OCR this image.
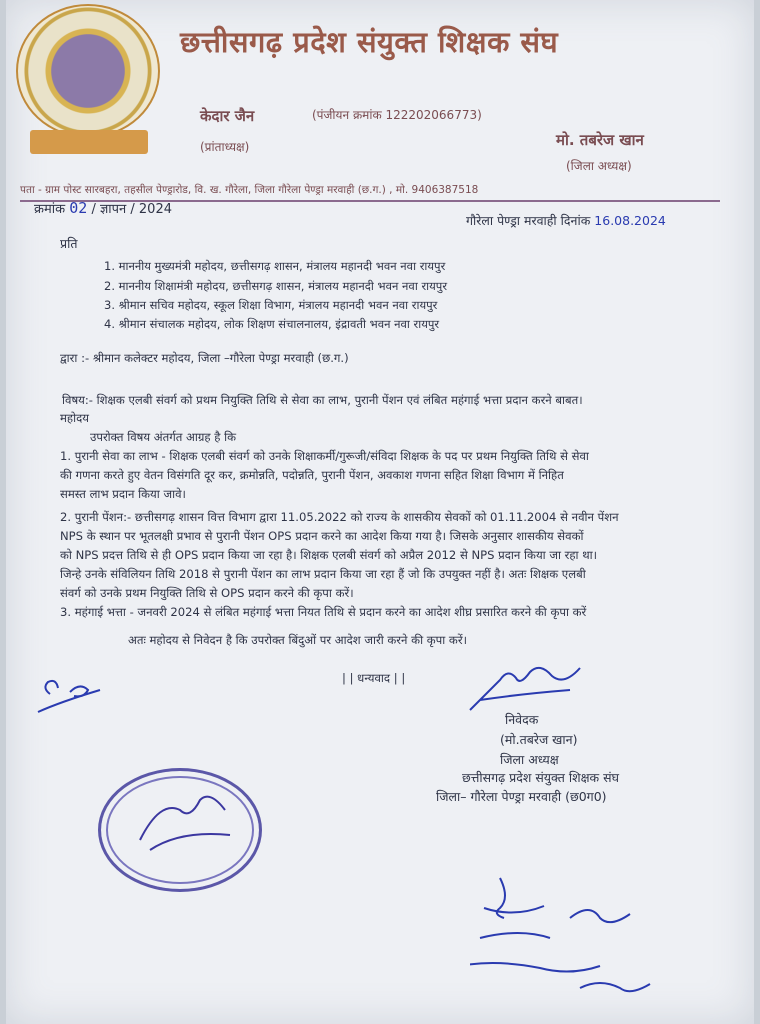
छत्तीसगढ़ प्रदेश संयुक्त शिक्षक संघ
केदार जैन
(प्रांताध्यक्ष)
(पंजीयन क्रमांक 122202066773)
मो. तबरेज खान
(जिला अध्यक्ष)
पता - ग्राम पोस्ट सारबहरा, तहसील पेण्ड्रारोड, वि. ख. गौरेला, जिला गौरेला पेण्ड्रा मरवाही (छ.ग.) , मो. 9406387518
क्रमांक 02 / ज्ञापन / 2024
गौरेला पेण्ड्रा मरवाही दिनांक 16.08.2024
प्रति
1. माननीय मुख्यमंत्री महोदय, छत्तीसगढ़ शासन, मंत्रालय महानदी भवन नवा रायपुर
2. माननीय शिक्षामंत्री महोदय, छत्तीसगढ़ शासन, मंत्रालय महानदी भवन नवा रायपुर
3. श्रीमान सचिव महोदय, स्कूल शिक्षा विभाग, मंत्रालय महानदी भवन नवा रायपुर
4. श्रीमान संचालक महोदय, लोक शिक्षण संचालनालय, इंद्रावती भवन नवा रायपुर
द्वारा :- श्रीमान कलेक्टर महोदय, जिला –गौरेला पेण्ड्रा मरवाही (छ.ग.)
विषय:- शिक्षक एलबी संवर्ग को प्रथम नियुक्ति तिथि से सेवा का लाभ, पुरानी पेंशन एवं लंबित महंगाई भत्ता प्रदान करने बाबत।
महोदय
उपरोक्त विषय अंतर्गत आग्रह है कि
1. पुरानी सेवा का लाभ - शिक्षक एलबी संवर्ग को उनके शिक्षाकर्मी/गुरूजी/संविदा शिक्षक के पद पर प्रथम नियुक्ति तिथि से सेवा
की गणना करते हुए वेतन विसंगति दूर कर, क्रमोन्नति, पदोन्नति, पुरानी पेंशन, अवकाश गणना सहित शिक्षा विभाग में निहित
समस्त लाभ प्रदान किया जावे।
2. पुरानी पेंशन:- छत्तीसगढ़ शासन वित्त विभाग द्वारा 11.05.2022 को राज्य के शासकीय सेवकों को 01.11.2004 से नवीन पेंशन
NPS के स्थान पर भूतलक्षी प्रभाव से पुरानी पेंशन OPS प्रदान करने का आदेश किया गया है। जिसके अनुसार शासकीय सेवकों
को NPS प्रदत्त तिथि से ही OPS प्रदान किया जा रहा है। शिक्षक एलबी संवर्ग को अप्रैल 2012 से NPS प्रदान किया जा रहा था।
जिन्हे उनके संविलियन तिथि 2018 से पुरानी पेंशन का लाभ प्रदान किया जा रहा हैं जो कि उपयुक्त नहीं है। अतः शिक्षक एलबी
संवर्ग को उनके प्रथम नियुक्ति तिथि से OPS प्रदान करने की कृपा करें।
3. महंगाई भत्ता - जनवरी 2024 से लंबित महंगाई भत्ता नियत तिथि से प्रदान करने का आदेश शीघ्र प्रसारित करने की कृपा करें
अतः महोदय से निवेदन है कि उपरोक्त बिंदुओं पर आदेश जारी करने की कृपा करें।
| | धन्यवाद | |
निवेदक
(मो.तबरेज खान)
जिला अध्यक्ष
छत्तीसगढ़ प्रदेश संयुक्त शिक्षक संघ
जिला– गौरेला पेण्ड्रा मरवाही (छ0ग0)
